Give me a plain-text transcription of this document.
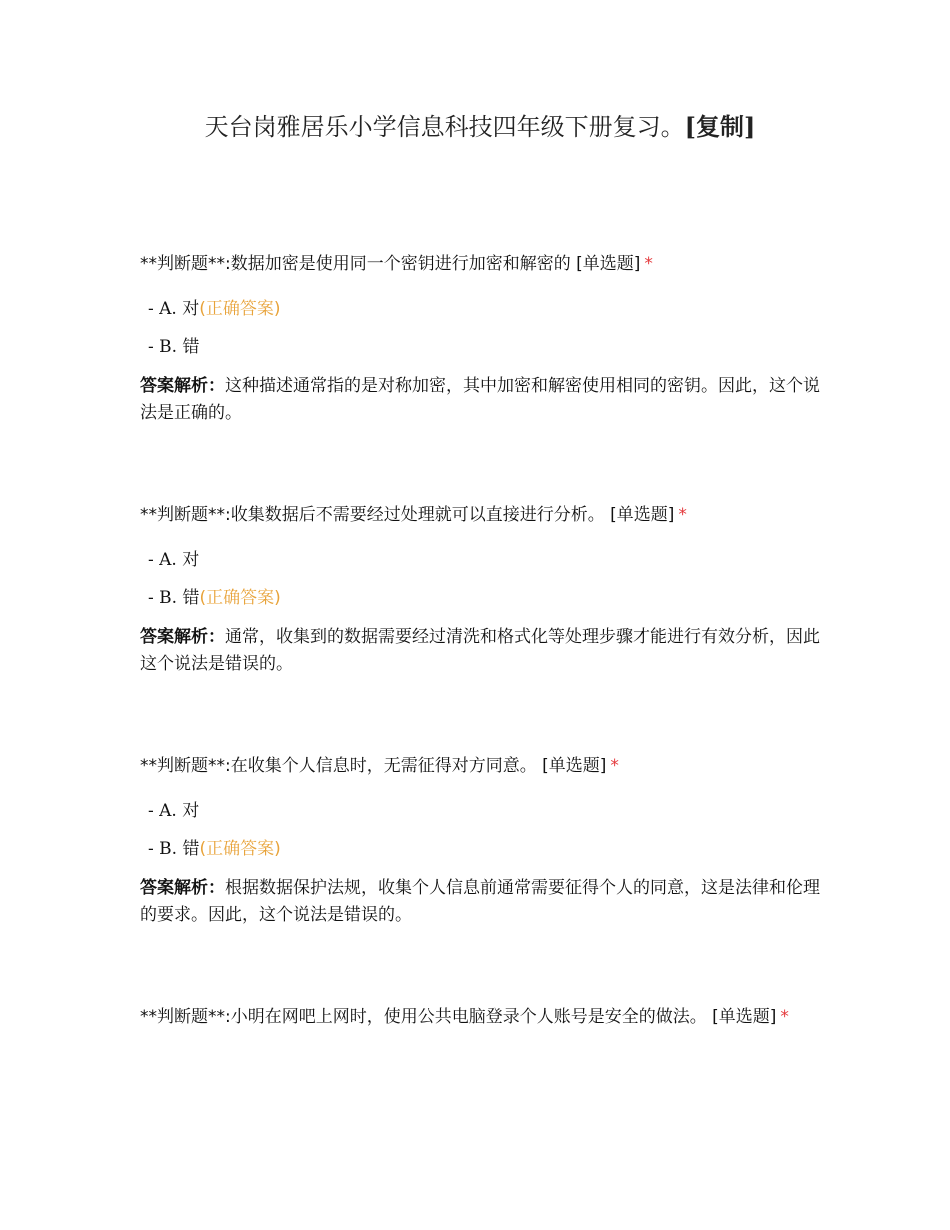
天台岗雅居乐小学信息科技四年级下册复习。[复制]
**判断题**:数据加密是使用同一个密钥进行加密和解密的 [单选题] *
- A. 对(正确答案)
- B. 错
答案解析：这种描述通常指的是对称加密，其中加密和解密使用相同的密钥。因此，这个说法是正确的。
**判断题**:收集数据后不需要经过处理就可以直接进行分析。 [单选题] *
- A. 对
- B. 错(正确答案)
答案解析：通常，收集到的数据需要经过清洗和格式化等处理步骤才能进行有效分析，因此这个说法是错误的。
**判断题**:在收集个人信息时，无需征得对方同意。 [单选题] *
- A. 对
- B. 错(正确答案)
答案解析：根据数据保护法规，收集个人信息前通常需要征得个人的同意，这是法律和伦理的要求。因此，这个说法是错误的。
**判断题**:小明在网吧上网时，使用公共电脑登录个人账号是安全的做法。 [单选题] *
